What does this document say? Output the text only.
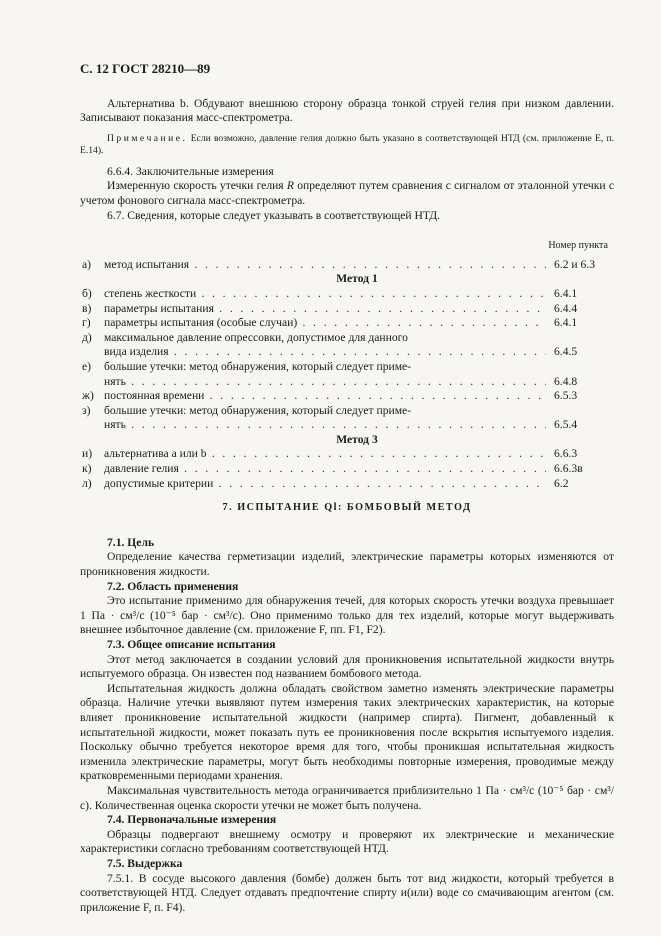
С. 12 ГОСТ 28210—89

Альтернатива b. Обдувают внешнюю сторону образца тонкой струей гелия при низком давлении. Записывают показания масс-спектрометра.

Примечание. Если возможно, давление гелия должно быть указано в соответствующей НТД (см. приложение E, п. E.14).

6.6.4. Заключительные измерения

Измеренную скорость утечки гелия R определяют путем сравнения с сигналом от эталонной утечки с учетом фонового сигнала масс-спектрометра.

6.7. Сведения, которые следует указывать в соответствующей НТД.

Номер пункта
а)	метод испытания . . .	6.2 и 6.3
Метод 1
б)	степень жесткости . . .	6.4.1
в)	параметры испытания . . .	6.4.4
г)	параметры испытания (особые случаи) . . .	6.4.1
д)	максимальное давление опрессовки, допустимое для данного
вида изделия . . .	6.4.5
е)	большие утечки: метод обнаружения, который следует приме-
нять . . .	6.4.8
ж) постоянная времени . . .	6.5.3
з)	большие утечки: метод обнаружения, который следует приме-
нять . . .	6.5.4
Метод 3
и)	альтернатива а или b . . .	6.6.3
к)	давление гелия . . .	6.6.3в
л)	допустимые критерии . . .	6.2
7. ИСПЫТАНИЕ Ql: БОМБОВЫЙ МЕТОД

7.1. Цель

Определение качества герметизации изделий, электрические параметры которых изменяются от проникновения жидкости.

7.2. Область применения

Это испытание применимо для обнаружения течей, для которых скорость утечки воздуха превышает 1 Па · см³/с (10⁻⁵ бар · см³/с). Оно применимо только для тех изделий, которые могут выдерживать внешнее избыточное давление (см. приложение F, пп. F1, F2).

7.3. Общее описание испытания

Этот метод заключается в создании условий для проникновения испытательной жидкости внутрь испытуемого образца. Он известен под названием бомбового метода.

Испытательная жидкость должна обладать свойством заметно изменять электрические параметры образца. Наличие утечки выявляют путем измерения таких электрических характеристик, на которые влияет проникновение испытательной жидкости (например спирта). Пигмент, добавленный к испытательной жидкости, может показать путь ее проникновения после вскрытия испытуемого изделия. Поскольку обычно требуется некоторое время для того, чтобы проникшая испытательная жидкость изменила электрические параметры, могут быть необходимы повторные измерения, проводимые между кратковременными периодами хранения.

Максимальная чувствительность метода ограничивается приблизительно 1 Па · см³/с (10⁻⁵ бар · см³/с). Количественная оценка скорости утечки не может быть получена.

7.4. Первоначальные измерения

Образцы подвергают внешнему осмотру и проверяют их электрические и механические характеристики согласно требованиям соответствующей НТД.

7.5. Выдержка

7.5.1. В сосуде высокого давления (бомбе) должен быть тот вид жидкости, который требуется в соответствующей НТД. Следует отдавать предпочтение спирту и(или) воде со смачивающим агентом (см. приложение F, п. F4).
